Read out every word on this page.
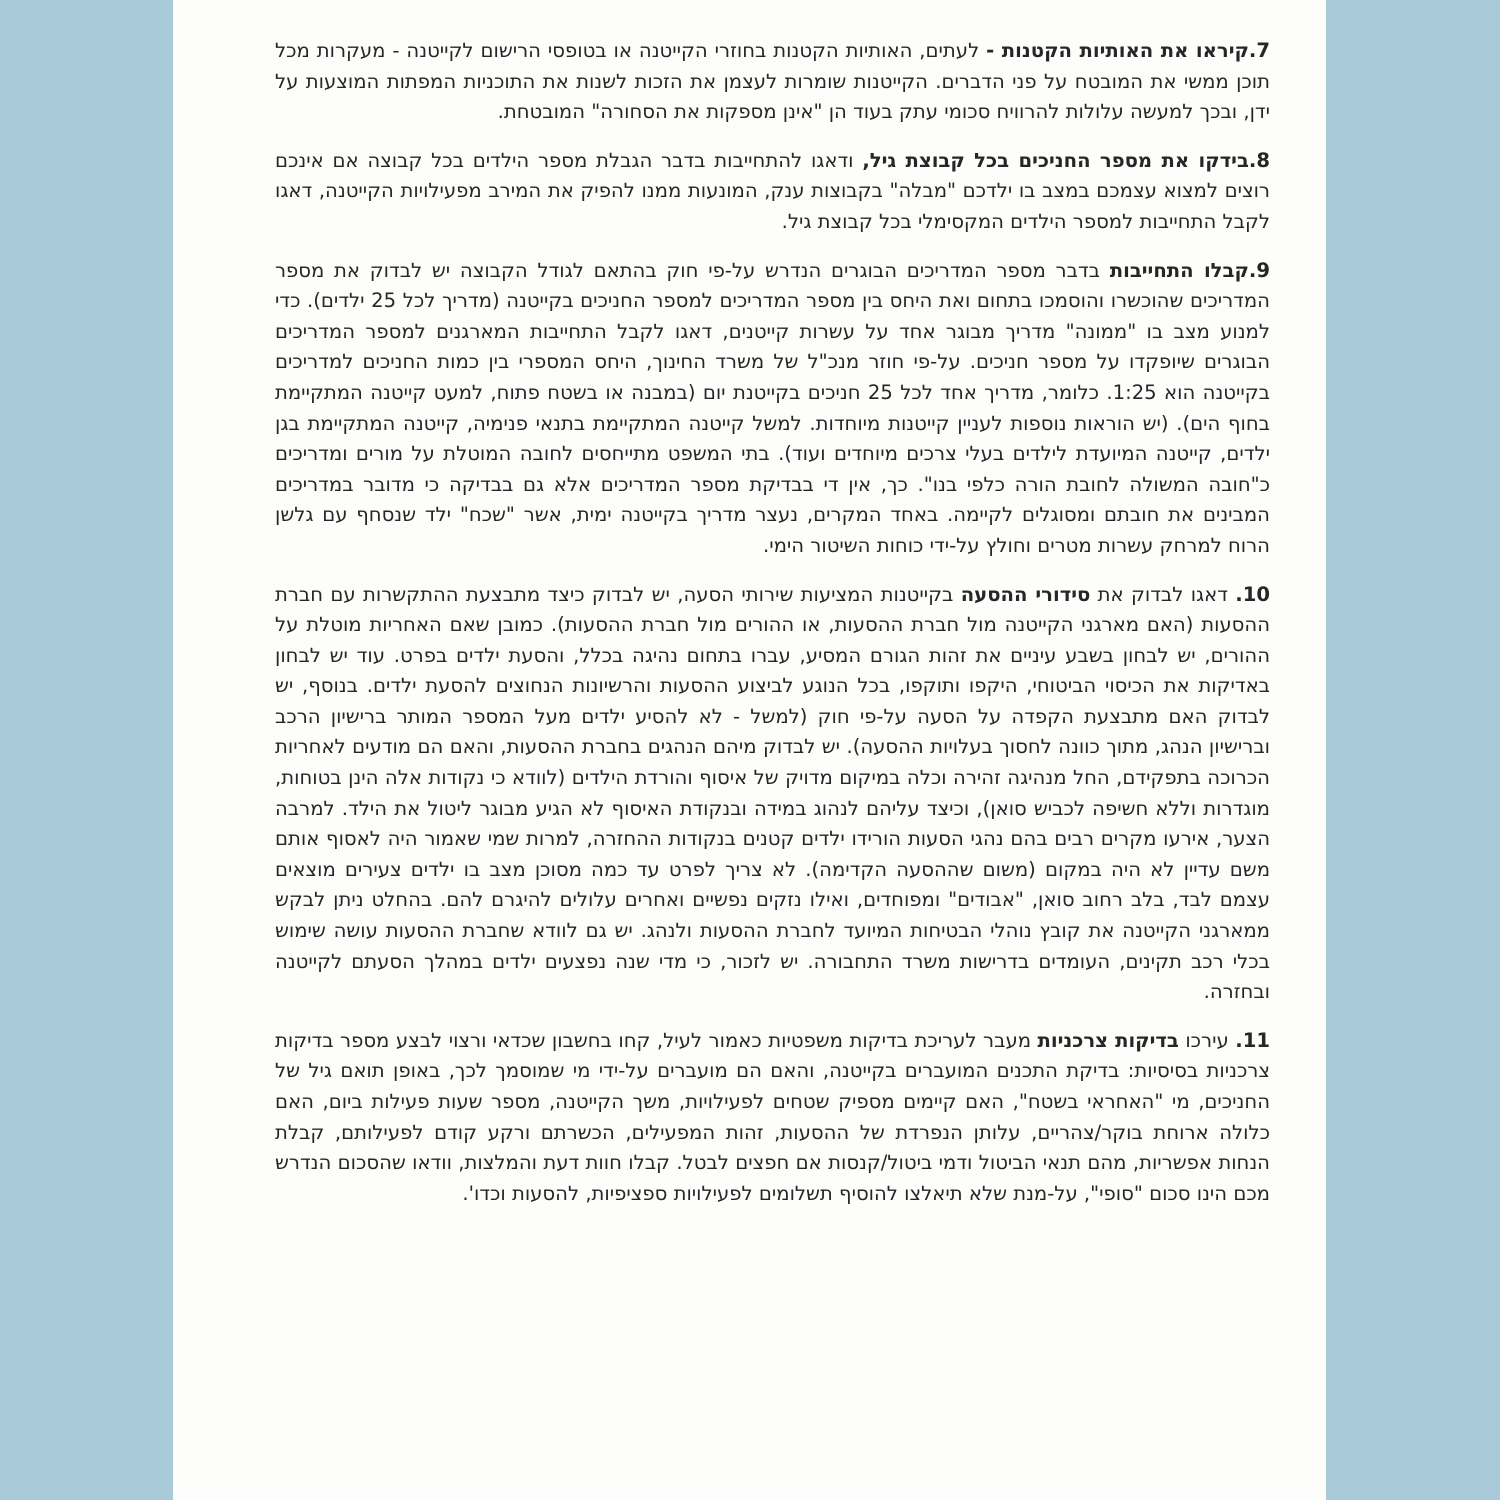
7.קיראו את האותיות הקטנות - לעתים, האותיות הקטנות בחוזרי הקייטנה או בטופסי הרישום לקייטנה - מעקרות מכל תוכן ממשי את המובטח על פני הדברים. הקייטנות שומרות לעצמן את הזכות לשנות את התוכניות המפתות המוצעות על ידן, ובכך למעשה עלולות להרוויח סכומי עתק בעוד הן "אינן מספקות את הסחורה" המובטחת.

8.בידקו את מספר החניכים בכל קבוצת גיל, ודאגו להתחייבות בדבר הגבלת מספר הילדים בכל קבוצה אם אינכם רוצים למצוא עצמכם במצב בו ילדכם "מבלה" בקבוצות ענק, המונעות ממנו להפיק את המירב מפעילויות הקייטנה, דאגו לקבל התחייבות למספר הילדים המקסימלי בכל קבוצת גיל.

9.קבלו התחייבות בדבר מספר המדריכים הבוגרים הנדרש על-פי חוק בהתאם לגודל הקבוצה יש לבדוק את מספר המדריכים שהוכשרו והוסמכו בתחום ואת היחס בין מספר המדריכים למספר החניכים בקייטנה (מדריך לכל 25 ילדים). כדי למנוע מצב בו "ממונה" מדריך מבוגר אחד על עשרות קייטנים, דאגו לקבל התחייבות המארגנים למספר המדריכים הבוגרים שיופקדו על מספר חניכים. על-פי חוזר מנכ"ל של משרד החינוך, היחס המספרי בין כמות החניכים למדריכים בקייטנה הוא 1:25. כלומר, מדריך אחד לכל 25 חניכים בקייטנת יום (במבנה או בשטח פתוח, למעט קייטנה המתקיימת בחוף הים). (יש הוראות נוספות לעניין קייטנות מיוחדות. למשל קייטנה המתקיימת בתנאי פנימיה, קייטנה המתקיימת בגן ילדים, קייטנה המיועדת לילדים בעלי צרכים מיוחדים ועוד). בתי המשפט מתייחסים לחובה המוטלת על מורים ומדריכים כ"חובה המשולה לחובת הורה כלפי בנו". כך, אין די בבדיקת מספר המדריכים אלא גם בבדיקה כי מדובר במדריכים המבינים את חובתם ומסוגלים לקיימה. באחד המקרים, נעצר מדריך בקייטנה ימית, אשר "שכח" ילד שנסחף עם גלשן הרוח למרחק עשרות מטרים וחולץ על-ידי כוחות השיטור הימי.

10. דאגו לבדוק את סידורי ההסעה בקייטנות המציעות שירותי הסעה, יש לבדוק כיצד מתבצעת ההתקשרות עם חברת ההסעות (האם מארגני הקייטנה מול חברת ההסעות, או ההורים מול חברת ההסעות). כמובן שאם האחריות מוטלת על ההורים, יש לבחון בשבע עיניים את זהות הגורם המסיע, עברו בתחום נהיגה בכלל, והסעת ילדים בפרט. עוד יש לבחון באדיקות את הכיסוי הביטוחי, היקפו ותוקפו, בכל הנוגע לביצוע ההסעות והרשיונות הנחוצים להסעת ילדים. בנוסף, יש לבדוק האם מתבצעת הקפדה על הסעה על-פי חוק (למשל - לא להסיע ילדים מעל המספר המותר ברישיון הרכב וברישיון הנהג, מתוך כוונה לחסוך בעלויות ההסעה). יש לבדוק מיהם הנהגים בחברת ההסעות, והאם הם מודעים לאחריות הכרוכה בתפקידם, החל מנהיגה זהירה וכלה במיקום מדויק של איסוף והורדת הילדים (לוודא כי נקודות אלה הינן בטוחות, מוגדרות וללא חשיפה לכביש סואן), וכיצד עליהם לנהוג במידה ובנקודת האיסוף לא הגיע מבוגר ליטול את הילד. למרבה הצער, אירעו מקרים רבים בהם נהגי הסעות הורידו ילדים קטנים בנקודות ההחזרה, למרות שמי שאמור היה לאסוף אותם משם עדיין לא היה במקום (משום שההסעה הקדימה). לא צריך לפרט עד כמה מסוכן מצב בו ילדים צעירים מוצאים עצמם לבד, בלב רחוב סואן, "אבודים" ומפוחדים, ואילו נזקים נפשיים ואחרים עלולים להיגרם להם. בהחלט ניתן לבקש ממארגני הקייטנה את קובץ נוהלי הבטיחות המיועד לחברת ההסעות ולנהג. יש גם לוודא שחברת ההסעות עושה שימוש בכלי רכב תקינים, העומדים בדרישות משרד התחבורה. יש לזכור, כי מדי שנה נפצעים ילדים במהלך הסעתם לקייטנה ובחזרה.

11. עירכו בדיקות צרכניות מעבר לעריכת בדיקות משפטיות כאמור לעיל, קחו בחשבון שכדאי ורצוי לבצע מספר בדיקות צרכניות בסיסיות: בדיקת התכנים המועברים בקייטנה, והאם הם מועברים על-ידי מי שמוסמך לכך, באופן תואם גיל של החניכים, מי "האחראי בשטח", האם קיימים מספיק שטחים לפעילויות, משך הקייטנה, מספר שעות פעילות ביום, האם כלולה ארוחת בוקר/צהריים, עלותן הנפרדת של ההסעות, זהות המפעילים, הכשרתם ורקע קודם לפעילותם, קבלת הנחות אפשריות, מהם תנאי הביטול ודמי ביטול/קנסות אם חפצים לבטל. קבלו חוות דעת והמלצות, וודאו שהסכום הנדרש מכם הינו סכום "סופי", על-מנת שלא תיאלצו להוסיף תשלומים לפעילויות ספציפיות, להסעות וכדו'.
